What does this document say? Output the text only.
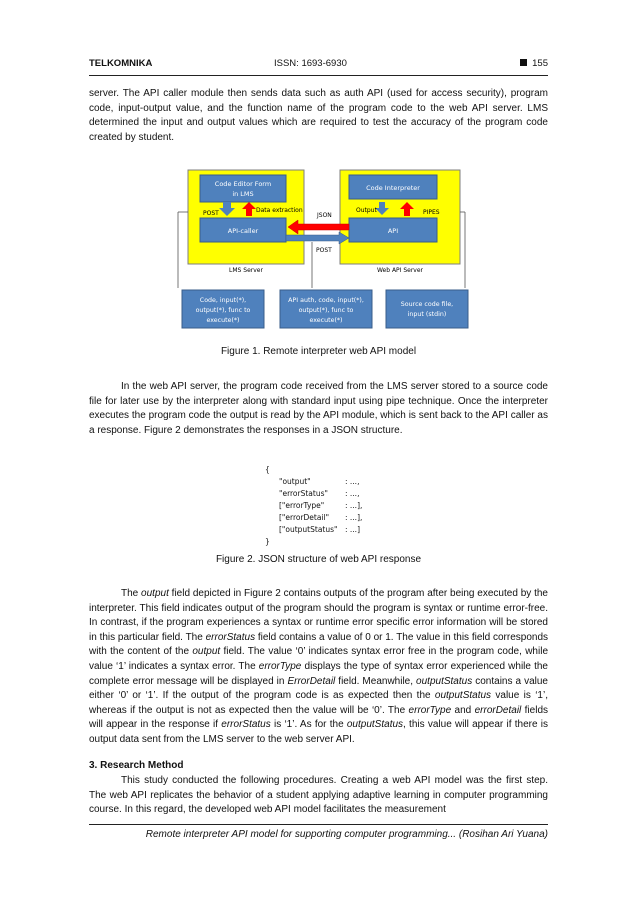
TELKOMNIKA	ISSN: 1693-6930	155

server. The API caller module then sends data such as auth API (used for access security), program code, input-output value, and the function name of the program code to the web API server. LMS determined the input and output values which are required to test the accuracy of the program code created by student.

Code Editor Form
in LMS
API-caller
Code Interpreter
API
POST	Data extraction	Output	PIPES
JSON
POST
LMS Server	Web API Server
Code, input(*),
output(*), func to
execute(*)
API auth, code, input(*),
output(*), func to
execute(*)
Source code file,
input (stdin)
Figure 1. Remote interpreter web API model

In the web API server, the program code received from the LMS server stored to a source code file for later use by the interpreter along with standard input using pipe technique. Once the interpreter executes the program code the output is read by the API module, which is sent back to the API caller as a response. Figure 2 demonstrates the responses in a JSON structure.

{
"output"	: ...,
"errorStatus" : ...,
["errorType"	: ...],
["errorDetail" : ...],
["outputStatus" : ...]
}
Figure 2. JSON structure of web API response

The output field depicted in Figure 2 contains outputs of the program after being executed by the interpreter. This field indicates output of the program should the program is syntax or runtime error-free. In contrast, if the program experiences a syntax or runtime error specific error information will be stored in this particular field. The errorStatus field contains a value of 0 or 1. The value in this field corresponds with the content of the output field. The value ‘0’ indicates syntax error free in the program code, while value ‘1’ indicates a syntax error. The errorType displays the type of syntax error experienced while the complete error message will be displayed in ErrorDetail field. Meanwhile, outputStatus contains a value either ‘0’ or ‘1’. If the output of the program code is as expected then the outputStatus value is ‘1’, whereas if the output is not as expected then the value will be ‘0’. The errorType and errorDetail fields will appear in the response if errorStatus is ‘1’. As for the outputStatus, this value will appear if there is output data sent from the LMS server to the web server API.

3. Research Method

This study conducted the following procedures. Creating a web API model was the first step. The web API replicates the behavior of a student applying adaptive learning in computer programming course. In this regard, the developed web API model facilitates the measurement

Remote interpreter API model for supporting computer programming... (Rosihan Ari Yuana)
